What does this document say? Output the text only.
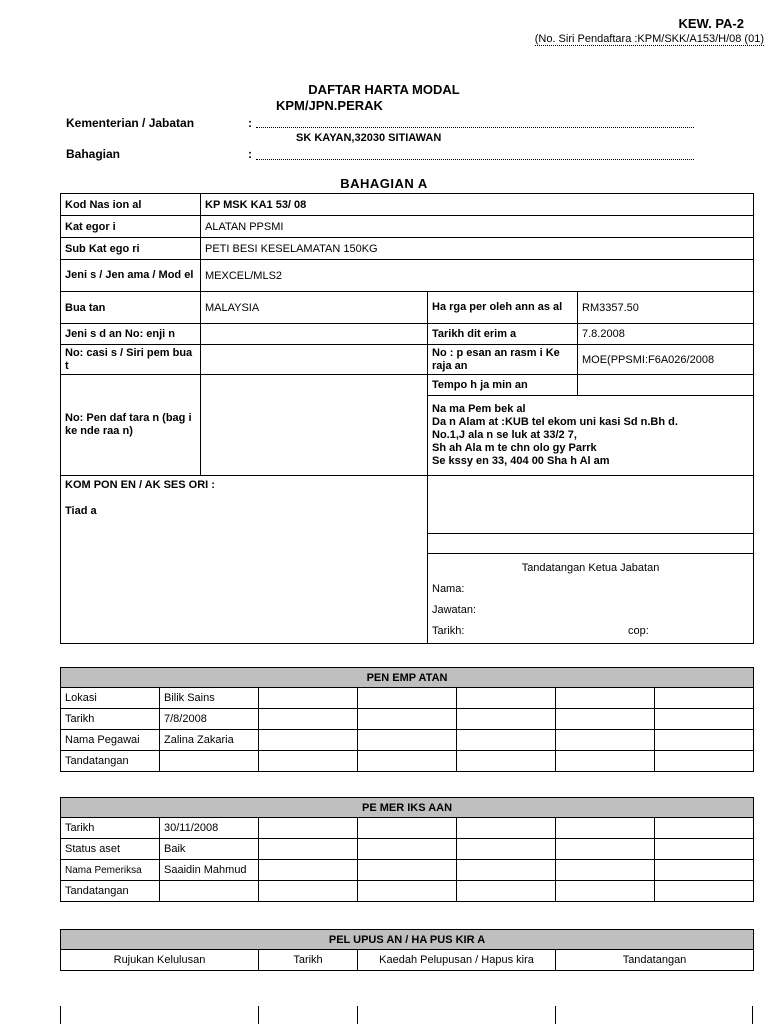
KEW. PA-2
(No. Siri Pendaftara :KPM/SKK/A153/H/08 (01)
DAFTAR HARTA MODAL
KPM/JPN.PERAK
Kementerian / Jabatan	:
SK KAYAN,32030 SITIAWAN
Bahagian	:
BAHAGIAN A
Kod Nas ion al	KP MSK KA1 53/ 08		
Kat egor i	ALATAN PPSMI		
Sub Kat ego ri	PETI BESI KESELAMATAN 150KG		
Jeni s / Jen ama / Mod el	MEXCEL/MLS2		
Bua tan	MALAYSIA	Ha rga per oleh ann as al	RM3357.50
Jeni s d an No: enji n		Tarikh dit erim a	7.8.2008
No: casi s / Siri pem bua t		No : p esan an rasm i Ke raja an	MOE(PPSMI:F6A026/2008
No: Pen daf tara n (bag i ke nde raa n)		Tempo h ja min an	
		Na ma Pem bek al
Da n Alam at :KUB tel ekom uni kasi Sd n.Bh d.
No.1,J ala n se luk at 33/2 7,
Sh ah Ala m te chn olo gy Parrk
Se kssy en 33, 404 00 Sha h Al am	

KOM PON EN / AK SES ORI :
Tiad a			

		Tandatangan Ketua Jabatan
Nama:
Jawatan:
Tarikh: cop:	
PEN EMP ATAN						
Lokasi	Bilik Sains					
Tarikh	7/8/2008					
Nama Pegawai	Zalina Zakaria					
Tandatangan						
PE MER IKS AAN						
Tarikh	30/11/2008					
Status aset	Baik					
Nama Pemeriksa	Saaidin Mahmud					
Tandatangan						
PEL UPUS AN / HA PUS KIR A
Rujukan Kelulusan	Tarikh	Kaedah Pelupusan / Hapus kira	Tandatangan
